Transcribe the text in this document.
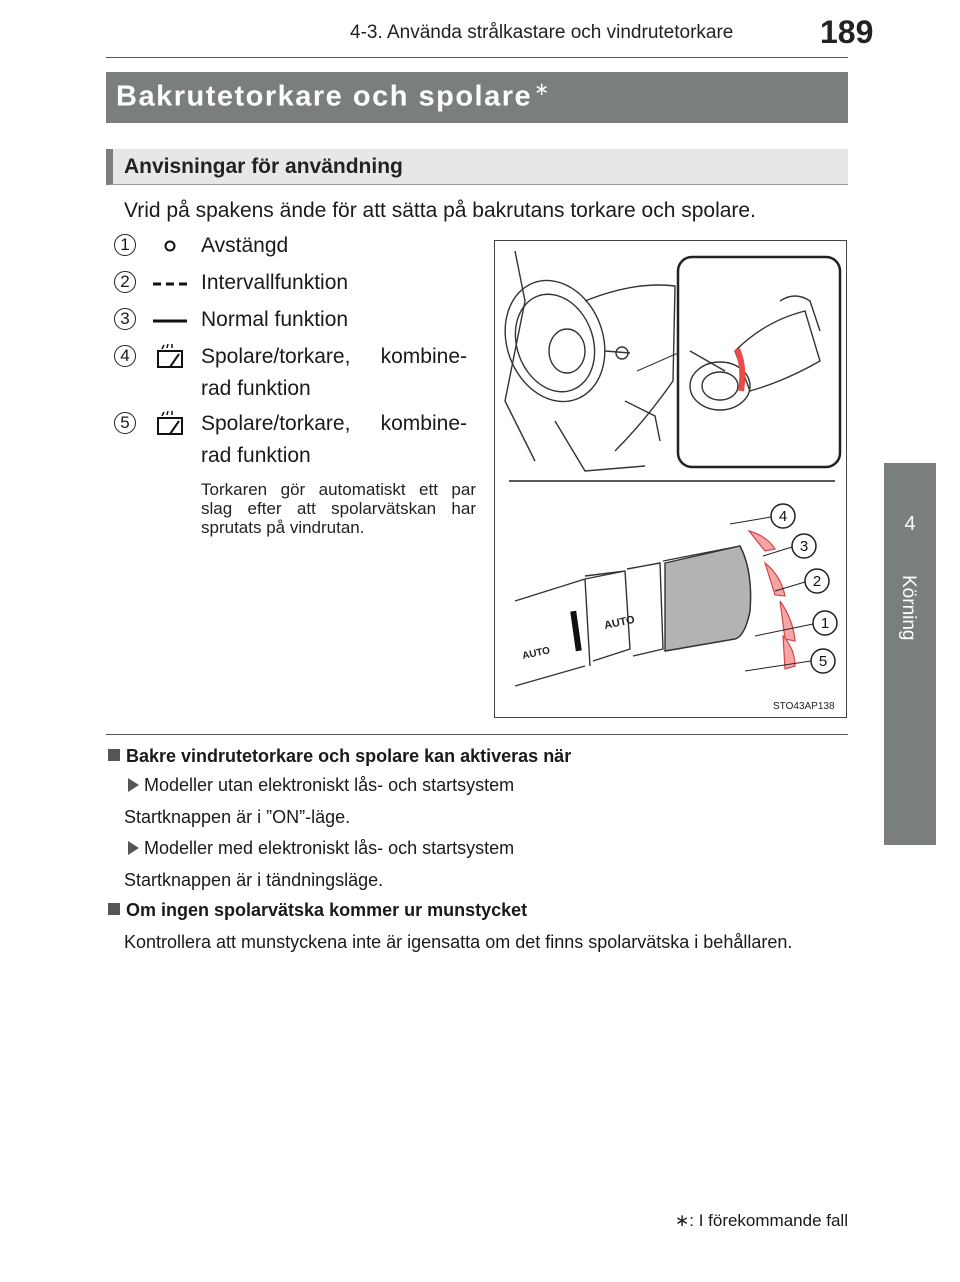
4-3. Använda strålkastare och vindrutetorkare	189
4
Körning
Bakrutetorkare och spolare ∗
Anvisningar för användning
Vrid på spakens ände för att sätta på bakrutans torkare och spolare.
1	Avstängd
2	Intervallfunktion
3	Normal funktion
4	Spolare/torkare, kombine-rad funktion
5	Spolare/torkare, kombine-rad funktion
Torkaren gör automatiskt ett par slag efter att spolarvätskan har sprutats på vindrutan.
AUTO
AUTO
4
3
2
1
5
STO43AP138
Bakre vindrutetorkare och spolare kan aktiveras när
Modeller utan elektroniskt lås- och startsystem
Startknappen är i ”ON”-läge.
Modeller med elektroniskt lås- och startsystem
Startknappen är i tändningsläge.
Om ingen spolarvätska kommer ur munstycket
Kontrollera att munstyckena inte är igensatta om det finns spolarvätska i behållaren.
∗: I förekommande fall
